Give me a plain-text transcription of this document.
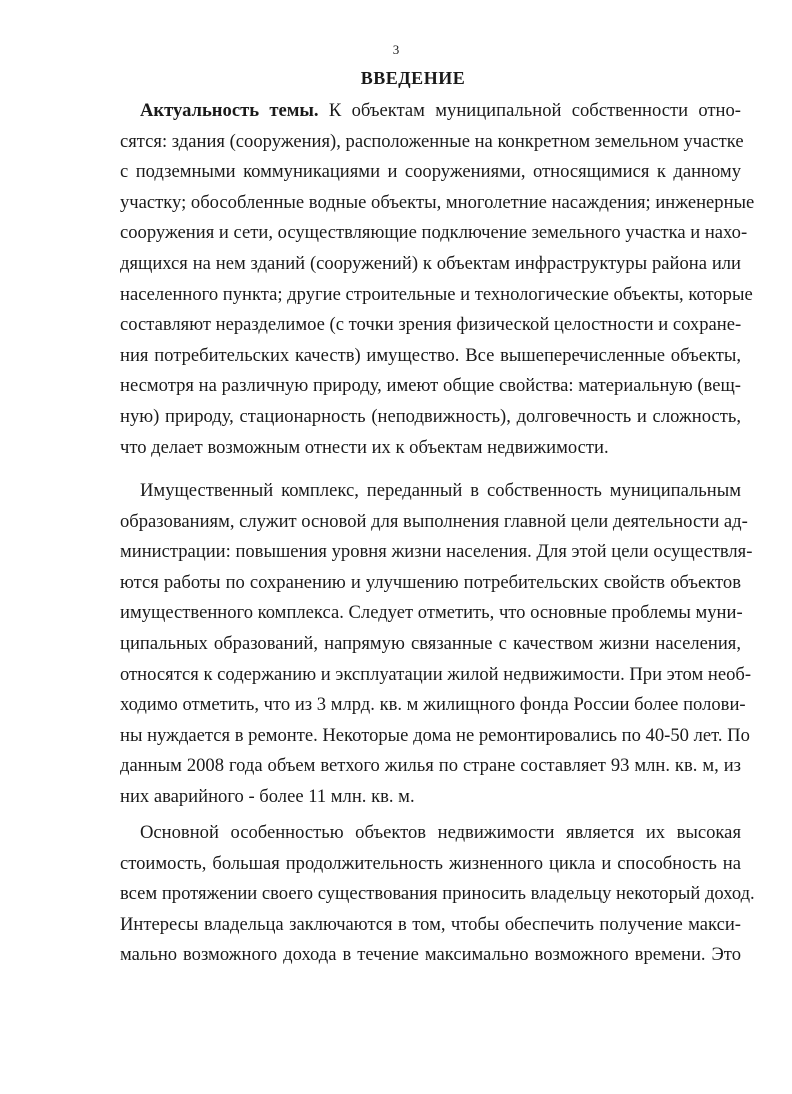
3
ВВЕДЕНИЕ
Актуальность темы. К объектам муниципальной собственности отно-
сятся: здания (сооружения), расположенные на конкретном земельном участке
с подземными коммуникациями и сооружениями, относящимися к данному
участку; обособленные водные объекты, многолетние насаждения; инженерные
сооружения и сети, осуществляющие подключение земельного участка и нахо-
дящихся на нем зданий (сооружений) к объектам инфраструктуры района или
населенного пункта; другие строительные и технологические объекты, которые
составляют неразделимое (с точки зрения физической целостности и сохране-
ния потребительских качеств) имущество. Все вышеперечисленные объекты,
несмотря на различную природу, имеют общие свойства: материальную (вещ-
ную) природу, стационарность (неподвижность), долговечность и сложность,
что делает возможным отнести их к объектам недвижимости.
Имущественный комплекс, переданный в собственность муниципальным
образованиям, служит основой для выполнения главной цели деятельности ад-
министрации: повышения уровня жизни населения. Для этой цели осуществля-
ются работы по сохранению и улучшению потребительских свойств объектов
имущественного комплекса. Следует отметить, что основные проблемы муни-
ципальных образований, напрямую связанные с качеством жизни населения,
относятся к содержанию и эксплуатации жилой недвижимости. При этом необ-
ходимо отметить, что из 3 млрд. кв. м жилищного фонда России более полови-
ны нуждается в ремонте. Некоторые дома не ремонтировались по 40-50 лет. По
данным 2008 года объем ветхого жилья по стране составляет 93 млн. кв. м, из
них аварийного - более 11 млн. кв. м.
Основной особенностью объектов недвижимости является их высокая
стоимость, большая продолжительность жизненного цикла и способность на
всем протяжении своего существования приносить владельцу некоторый доход.
Интересы владельца заключаются в том, чтобы обеспечить получение макси-
мально возможного дохода в течение максимально возможного времени. Это
